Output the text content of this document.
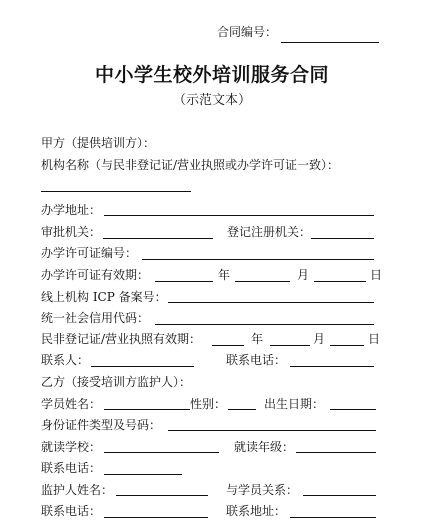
合同编号：
中小学生校外培训服务合同
（示范文本）
甲方（提供培训方）：
机构名称（与民非登记证/营业执照或办学许可证一致）：
办学地址：
审批机关：	登记注册机关：
办学许可证编号：
办学许可证有效期：	年	月	日
线上机构 ICP 备案号：
统一社会信用代码：
民非登记证/营业执照有效期：	年	月	日
联系人：	联系电话：
乙方（接受培训方监护人）：
学员姓名：	性别：	出生日期：
身份证件类型及号码：
就读学校：	就读年级：
联系电话：
监护人姓名：	与学员关系：
联系电话：	联系地址：
